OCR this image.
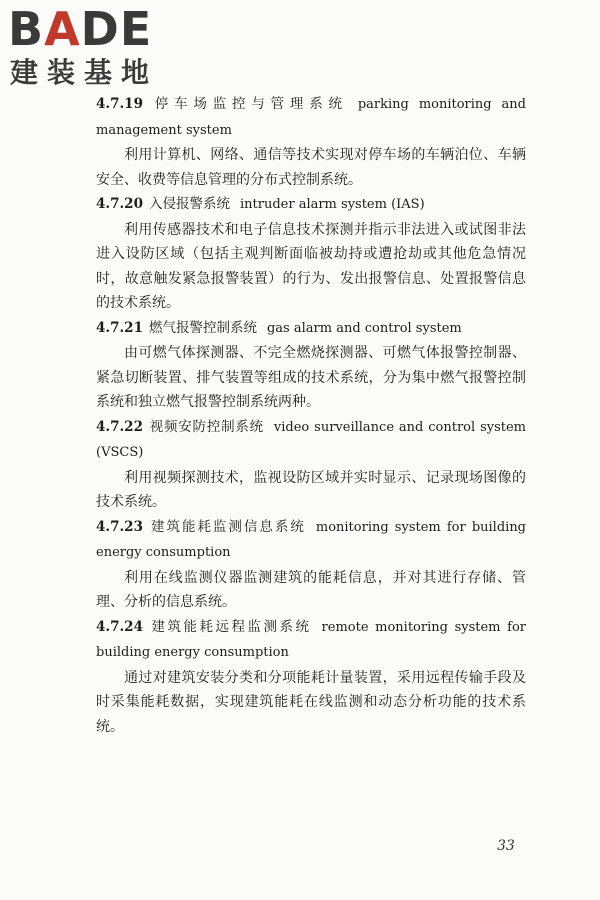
BADE
建装基地

4.7.19 停车场监控与管理系统 parking monitoring and management system

利用计算机、网络、通信等技术实现对停车场的车辆泊位、车辆安全、收费等信息管理的分布式控制系统。

4.7.20 入侵报警系统 intruder alarm system (IAS)

利用传感器技术和电子信息技术探测并指示非法进入或试图非法进入设防区域（包括主观判断面临被劫持或遭抢劫或其他危急情况时，故意触发紧急报警装置）的行为、发出报警信息、处置报警信息的技术系统。

4.7.21 燃气报警控制系统 gas alarm and control system

由可燃气体探测器、不完全燃烧探测器、可燃气体报警控制器、紧急切断装置、排气装置等组成的技术系统，分为集中燃气报警控制系统和独立燃气报警控制系统两种。

4.7.22 视频安防控制系统 video surveillance and control system (VSCS)

利用视频探测技术，监视设防区域并实时显示、记录现场图像的技术系统。

4.7.23 建筑能耗监测信息系统 monitoring system for building energy consumption

利用在线监测仪器监测建筑的能耗信息，并对其进行存储、管理、分析的信息系统。

4.7.24 建筑能耗远程监测系统 remote monitoring system for building energy consumption

通过对建筑安装分类和分项能耗计量装置，采用远程传输手段及时采集能耗数据，实现建筑能耗在线监测和动态分析功能的技术系统。

33
